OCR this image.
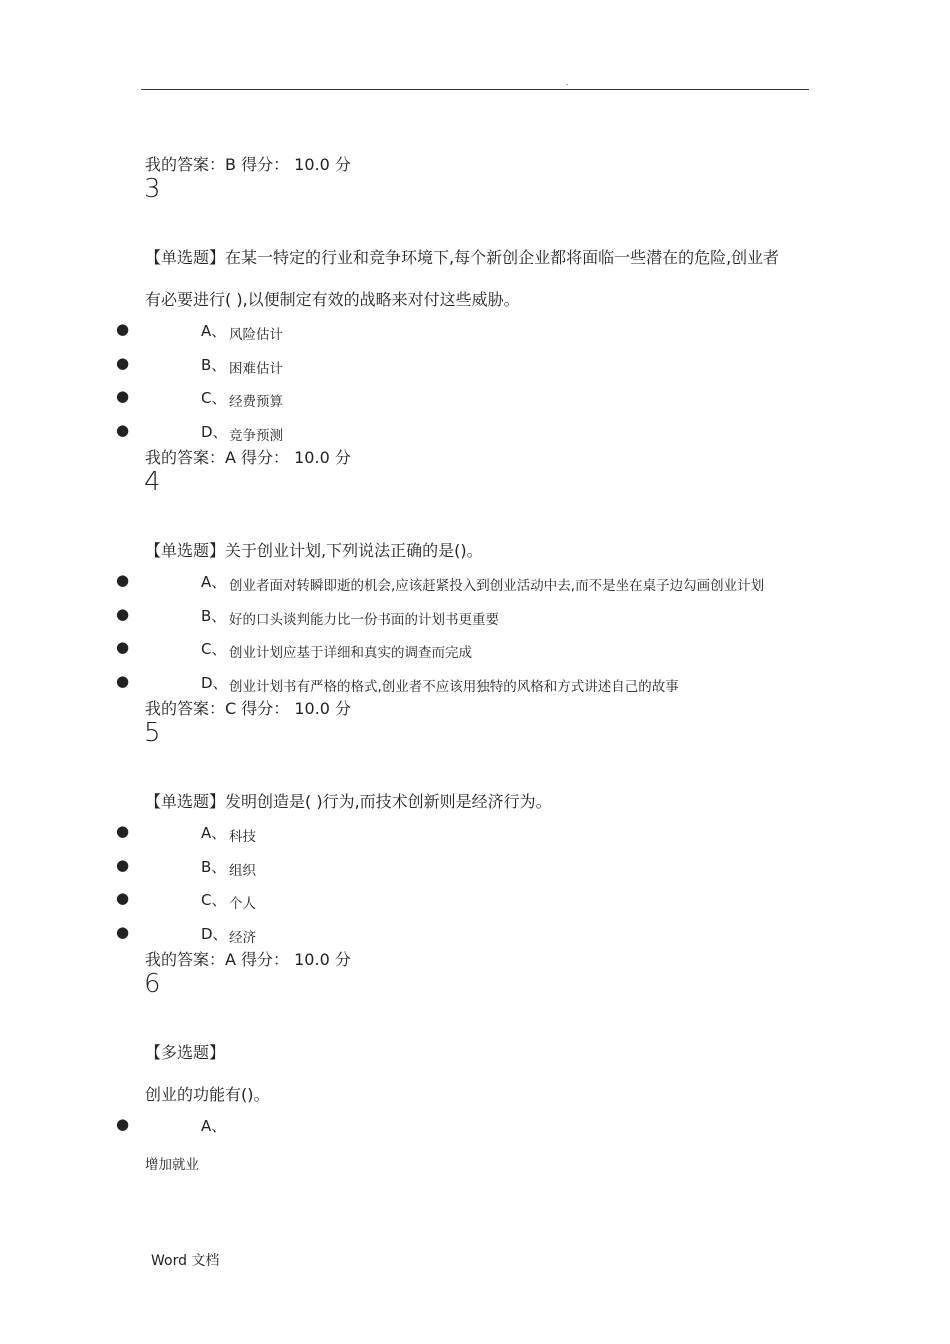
.
我的答案：B 得分： 10.0 分
3
【单选题】在某一特定的行业和竞争环境下,每个新创企业都将面临一些潜在的危险,创业者
有必要进行( ),以便制定有效的战略来对付这些威胁。
●	A、 风险估计
●	B、 困难估计
●	C、 经费预算
●	D、 竞争预测
我的答案：A 得分： 10.0 分
4
【单选题】关于创业计划,下列说法正确的是()。
●	A、 创业者面对转瞬即逝的机会,应该赶紧投入到创业活动中去,而不是坐在桌子边勾画创业计划
●	B、 好的口头谈判能力比一份书面的计划书更重要
●	C、 创业计划应基于详细和真实的调查而完成
●	D、 创业计划书有严格的格式,创业者不应该用独特的风格和方式讲述自己的故事
我的答案：C 得分： 10.0 分
5
【单选题】发明创造是( )行为,而技术创新则是经济行为。
●	A、 科技
●	B、 组织
●	C、 个人
●	D、 经济
我的答案：A 得分： 10.0 分
6
【多选题】
创业的功能有()。
●	A、
增加就业
Word 文档
